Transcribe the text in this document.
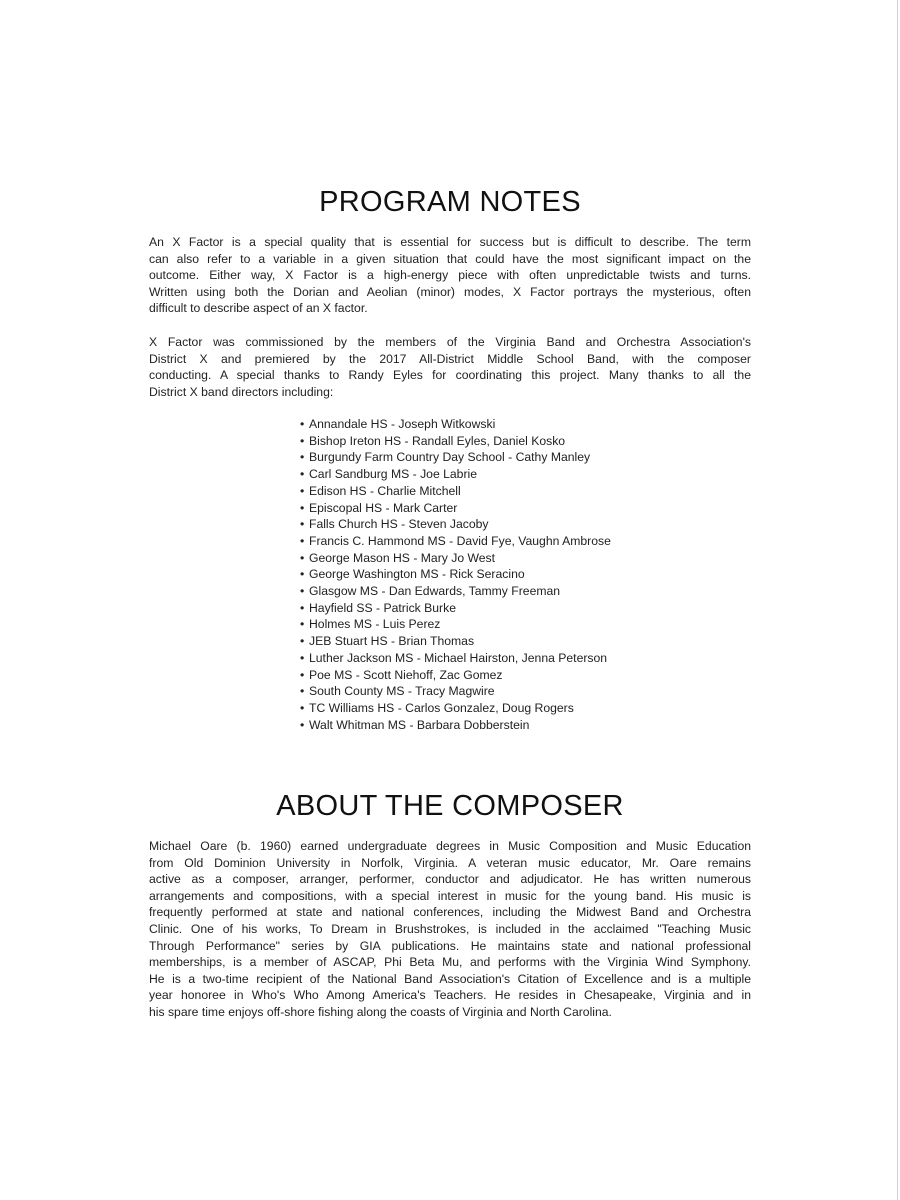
PROGRAM NOTES

An X Factor is a special quality that is essential for success but is difficult to describe. The term
can also refer to a variable in a given situation that could have the most significant impact on the
outcome. Either way, X Factor is a high-energy piece with often unpredictable twists and turns.
Written using both the Dorian and Aeolian (minor) modes, X Factor portrays the mysterious, often
difficult to describe aspect of an X factor.

X Factor was commissioned by the members of the Virginia Band and Orchestra Association's
District X and premiered by the 2017 All-District Middle School Band, with the composer
conducting. A special thanks to Randy Eyles for coordinating this project. Many thanks to all the
District X band directors including:

• Annandale HS - Joseph Witkowski
• Bishop Ireton HS - Randall Eyles, Daniel Kosko
• Burgundy Farm Country Day School - Cathy Manley
• Carl Sandburg MS - Joe Labrie
• Edison HS - Charlie Mitchell
• Episcopal HS - Mark Carter
• Falls Church HS - Steven Jacoby
• Francis C. Hammond MS - David Fye, Vaughn Ambrose
• George Mason HS - Mary Jo West
• George Washington MS - Rick Seracino
• Glasgow MS - Dan Edwards, Tammy Freeman
• Hayfield SS - Patrick Burke
• Holmes MS - Luis Perez
• JEB Stuart HS - Brian Thomas
• Luther Jackson MS - Michael Hairston, Jenna Peterson
• Poe MS - Scott Niehoff, Zac Gomez
• South County MS - Tracy Magwire
• TC Williams HS - Carlos Gonzalez, Doug Rogers
• Walt Whitman MS - Barbara Dobberstein
ABOUT THE COMPOSER

Michael Oare (b. 1960) earned undergraduate degrees in Music Composition and Music Education
from Old Dominion University in Norfolk, Virginia. A veteran music educator, Mr. Oare remains
active as a composer, arranger, performer, conductor and adjudicator. He has written numerous
arrangements and compositions, with a special interest in music for the young band. His music is
frequently performed at state and national conferences, including the Midwest Band and Orchestra
Clinic. One of his works, To Dream in Brushstrokes, is included in the acclaimed "Teaching Music
Through Performance" series by GIA publications. He maintains state and national professional
memberships, is a member of ASCAP, Phi Beta Mu, and performs with the Virginia Wind Symphony.
He is a two-time recipient of the National Band Association's Citation of Excellence and is a multiple
year honoree in Who's Who Among America's Teachers. He resides in Chesapeake, Virginia and in
his spare time enjoys off-shore fishing along the coasts of Virginia and North Carolina.
